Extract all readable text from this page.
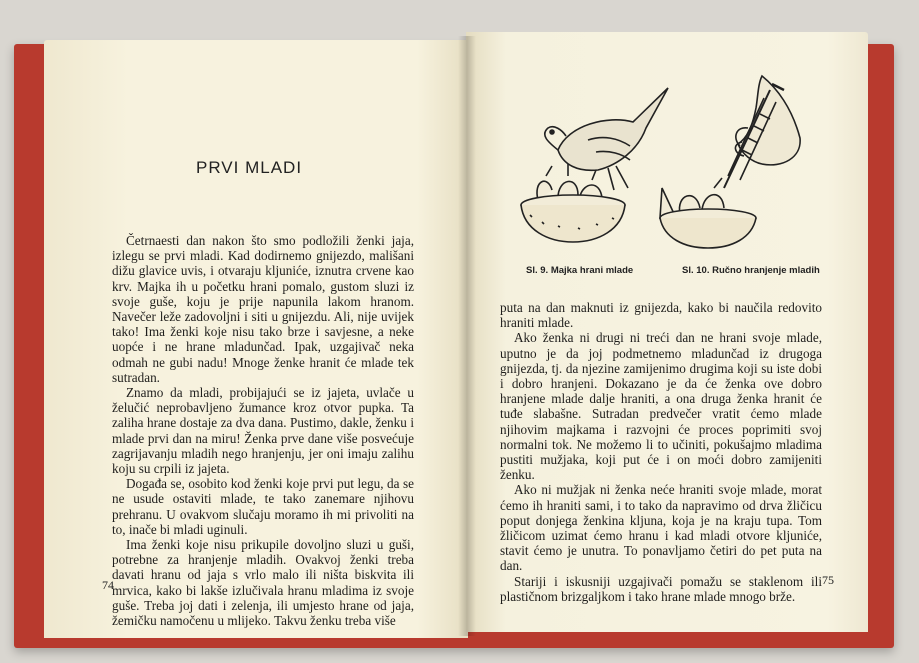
PRVI MLADI

Četrnaesti dan nakon što smo podložili ženki jaja, izlegu se prvi mladi. Kad dodirnemo gnijezdo, mališani dižu glavice uvis, i otvaraju kljuniće, iznutra crvene kao krv. Majka ih u početku hrani pomalo, gustom sluzi iz svoje guše, koju je prije napunila lakom hranom. Navečer leže zadovoljni i siti u gnijezdu. Ali, nije uvijek tako! Ima ženki koje nisu tako brze i savjesne, a neke uopće i ne hrane mladunčad. Ipak, uzgajivač neka odmah ne gubi nadu! Mnoge ženke hranit će mlade tek sutradan.

Znamo da mladi, probijajući se iz jajeta, uvlače u želučić neprobavljeno žumance kroz otvor pupka. Ta zaliha hrane dostaje za dva dana. Pustimo, dakle, ženku i mlade prvi dan na miru! Ženka prve dane više posvećuje zagrijavanju mladih nego hranjenju, jer oni imaju zalihu koju su crpili iz jajeta.

Događa se, osobito kod ženki koje prvi put legu, da se ne usude ostaviti mlade, te tako zanemare njihovu prehranu. U ovakvom slučaju moramo ih mi privoliti na to, inače bi mladi uginuli.

Ima ženki koje nisu prikupile dovoljno sluzi u guši, potrebne za hranjenje mladih. Ovakvoj ženki treba davati hranu od jaja s vrlo malo ili ništa biskvita ili mrvica, kako bi lakše izlučivala hranu mladima iz svoje guše. Treba joj dati i zelenja, ili umjesto hrane od jaja, žemičku namočenu u mlijeko. Takvu ženku treba više

74
Sl. 9. Majka hrani mlade	Sl. 10. Ručno hranjenje mladih

puta na dan maknuti iz gnijezda, kako bi naučila redovito hraniti mlade.

Ako ženka ni drugi ni treći dan ne hrani svoje mlade, uputno je da joj podmetnemo mladunčad iz drugoga gnijezda, tj. da njezine zamijenimo drugima koji su iste dobi i dobro hranjeni. Dokazano je da će ženka ove dobro hranjene mlade dalje hraniti, a ona druga ženka hranit će tuđe slabašne. Sutradan predvečer vratit ćemo mlade njihovim majkama i razvojni će proces poprimiti svoj normalni tok. Ne možemo li to učiniti, pokušajmo mladima pustiti mužjaka, koji put će i on moći dobro zamijeniti ženku.

Ako ni mužjak ni ženka neće hraniti svoje mlade, morat ćemo ih hraniti sami, i to tako da napravimo od drva žličicu poput donjega ženkina kljuna, koja je na kraju tupa. Tom žličicom uzimat ćemo hranu i kad mladi otvore kljuniće, stavit ćemo je unutra. To ponavljamo četiri do pet puta na dan.

Stariji i iskusniji uzgajivači pomažu se staklenom ili plastičnom brizgaljkom i tako hrane mlade mnogo brže.

75
